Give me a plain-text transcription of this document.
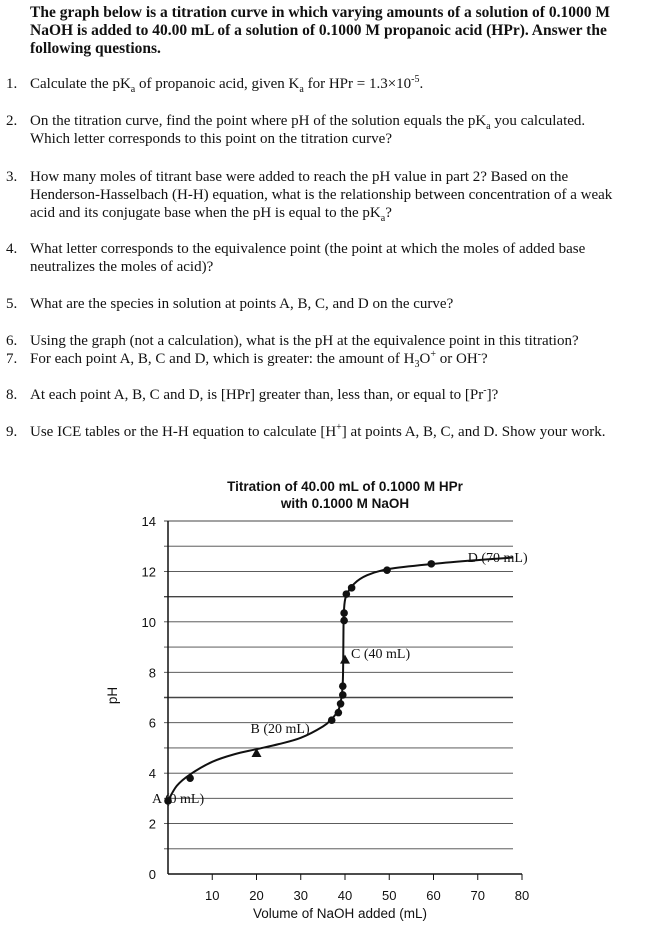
The graph below is a titration curve in which varying amounts of a solution of 0.1000 M NaOH is added to 40.00 mL of a solution of 0.1000 M propanoic acid (HPr). Answer the following questions.
1. Calculate the $pK_a$ of propanoic acid, given $K_a$ for HPr = $1.3\times 10^{-5}$.
2. On the titration curve, find the point where pH of the solution equals the $pK_a$ you calculated.
Which letter corresponds to this point on the titration curve?
3. How many moles of titrant base were added to reach the pH value in part 2? Based on the
Henderson-Hasselbach (H-H) equation, what is the relationship between concentration of a weak
acid and its conjugate base when the pH is equal to the $pK_a$?
4. What letter corresponds to the equivalence point (the point at which the moles of added base
neutralizes the moles of acid)?
5. What are the species in solution at points A, B, C, and D on the curve?
6. Using the graph (not a calculation), what is the pH at the equivalence point in this titration?
7. For each point A, B, C and D, which is greater: the amount of $H_3O^+$ or OH-?
8. At each point A, B, C and D, is [HPr] greater than, less than, or equal to [Pr-]?
9. Use ICE tables or the H-H equation to calculate [H+] at points A, B, C, and D. Show your work.
Titration of 40.00 mL of 0.1000 M HPr
with 0.1000 M NaOH
0
2
4
6
8
10
12
14
10 20 30 40 50 60 70 80
A (0 mL)
B (20 mL)
C (40 mL)
D (70 mL)
pH
Volume of NaOH added (mL)
